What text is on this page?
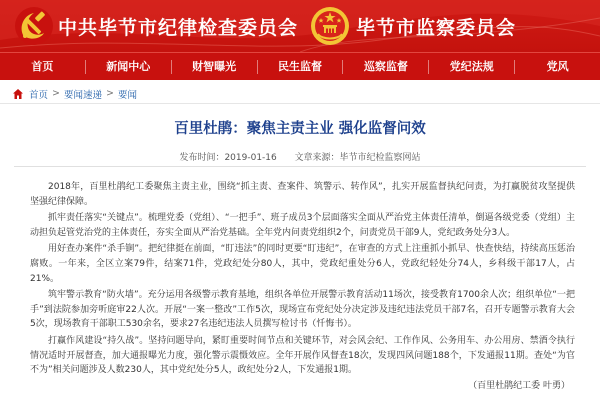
中共毕节市纪律检查委员会	毕节市监察委员会
首页	新闻中心	财智曝光	民生监督	巡察监督	党纪法规	党风
首页 > 要闻速递 > 要闻
百里杜鹃：聚焦主责主业 强化监督问效
发布时间：2019-01-16 文章来源：毕节市纪检监察网站

2018年，百里杜鹃纪工委聚焦主责主业，围绕“抓主责、查案件、筑警示、转作风”，扎实开展监督执纪问责，为打赢脱贫攻坚提供坚强纪律保障。

抓牢责任落实“关键点”。梳理党委（党组）、“一把手”、班子成员3个层面落实全面从严治党主体责任清单，倒逼各级党委（党组）主动担负起管党治党的主体责任，夯实全面从严治党基础。全年党内问责党组织2个，问责党员干部9人，党纪政务处分3人。

用好查办案件“杀手锏”。把纪律挺在前面，“盯违法”的同时更要“盯违纪”，在审查的方式上注重抓小抓早、快查快结，持续高压惩治腐败。一年来，全区立案79件，结案71件，党政纪处分80人，其中，党政纪重处分6人，党政纪轻处分74人，乡科级干部17人，占21%。

筑牢警示教育“防火墙”。充分运用各级警示教育基地，组织各单位开展警示教育活动11场次，接受教育1700余人次；组织单位“一把手”到法院参加旁听庭审22人次。开展“一案一整改”工作5次，现场宣布党纪处分决定涉及违纪违法党员干部7名，召开专题警示教育大会5次，现场教育干部职工530余名，要求27名违纪违法人员撰写检讨书（忏悔书）。

打赢作风建设“持久战”。坚持问题导向，紧盯重要时间节点和关键环节，对会风会纪、工作作风、公务用车、办公用房、禁酒令执行情况适时开展督查，加大通报曝光力度，强化警示震慑效应。全年开展作风督查18次，发现四风问题188个，下发通报11期。查处“为官不为”相关问题涉及人数230人，其中党纪处分5人，政纪处分2人，下发通报1期。

（百里杜鹃纪工委 叶勇）
